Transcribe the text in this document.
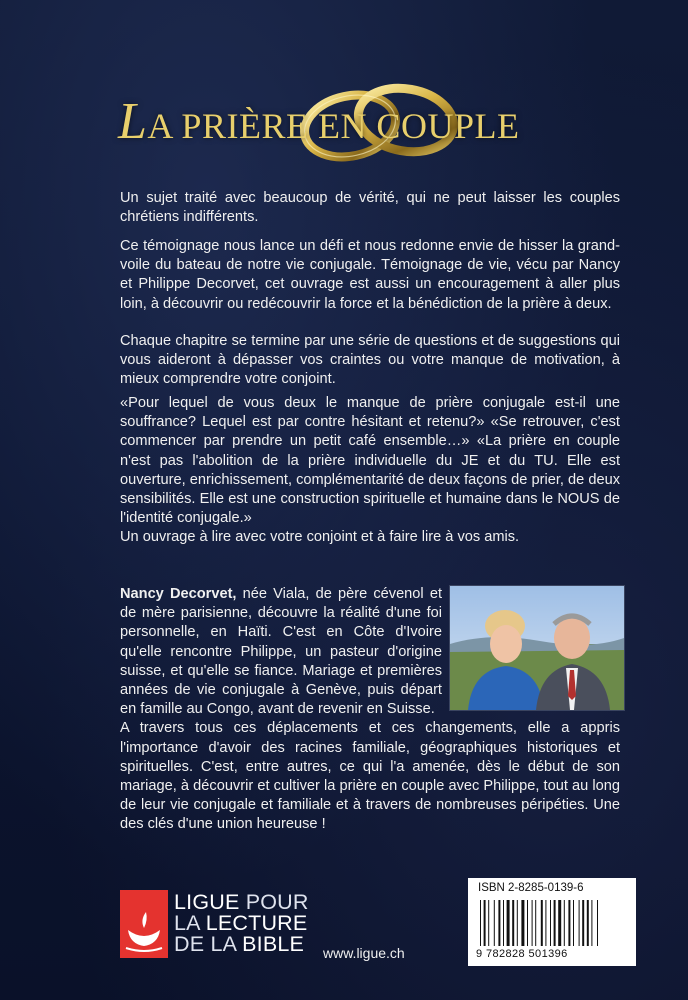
LA PRIÈRE EN COUPLE

Un sujet traité avec beaucoup de vérité, qui ne peut laisser les couples chrétiens indifférents.

Ce témoignage nous lance un défi et nous redonne envie de hisser la grand-voile du bateau de notre vie conjugale. Témoignage de vie, vécu par Nancy et Philippe Decorvet, cet ouvrage est aussi un encouragement à aller plus loin, à découvrir ou redécouvrir la force et la bénédiction de la prière à deux.

Chaque chapitre se termine par une série de questions et de suggestions qui vous aideront à dépasser vos craintes ou votre manque de motivation, à mieux comprendre votre conjoint.

«Pour lequel de vous deux le manque de prière conjugale est-il une souffrance? Lequel est par contre hésitant et retenu?» «Se retrouver, c'est commencer par prendre un petit café ensemble…» «La prière en couple n'est pas l'abolition de la prière individuelle du JE et du TU. Elle est ouverture, enrichissement, complémentarité de deux façons de prier, de deux sensibilités. Elle est une construction spirituelle et humaine dans le NOUS de l'identité conjugale.»

Un ouvrage à lire avec votre conjoint et à faire lire à vos amis.

Nancy Decorvet, née Viala, de père cévenol et de mère parisienne, découvre la réalité d'une foi personnelle, en Haïti. C'est en Côte d'Ivoire qu'elle rencontre Philippe, un pasteur d'origine suisse, et qu'elle se fiance. Mariage et premières années de vie conjugale à Genève, puis départ en famille au Congo, avant de revenir en Suisse.
A travers tous ces déplacements et ces changements, elle a appris l'importance d'avoir des racines familiale, géographiques historiques et spirituelles. C'est, entre autres, ce qui l'a amenée, dès le début de son mariage, à découvrir et cultiver la prière en couple avec Philippe, tout au long de leur vie conjugale et familiale et à travers de nombreuses péripéties. Une des clés d'une union heureuse !
LIGUE POUR
LA LECTURE
DE LA BIBLE	www.ligue.ch
ISBN 2-8285-0139-6
9 782828 501396
